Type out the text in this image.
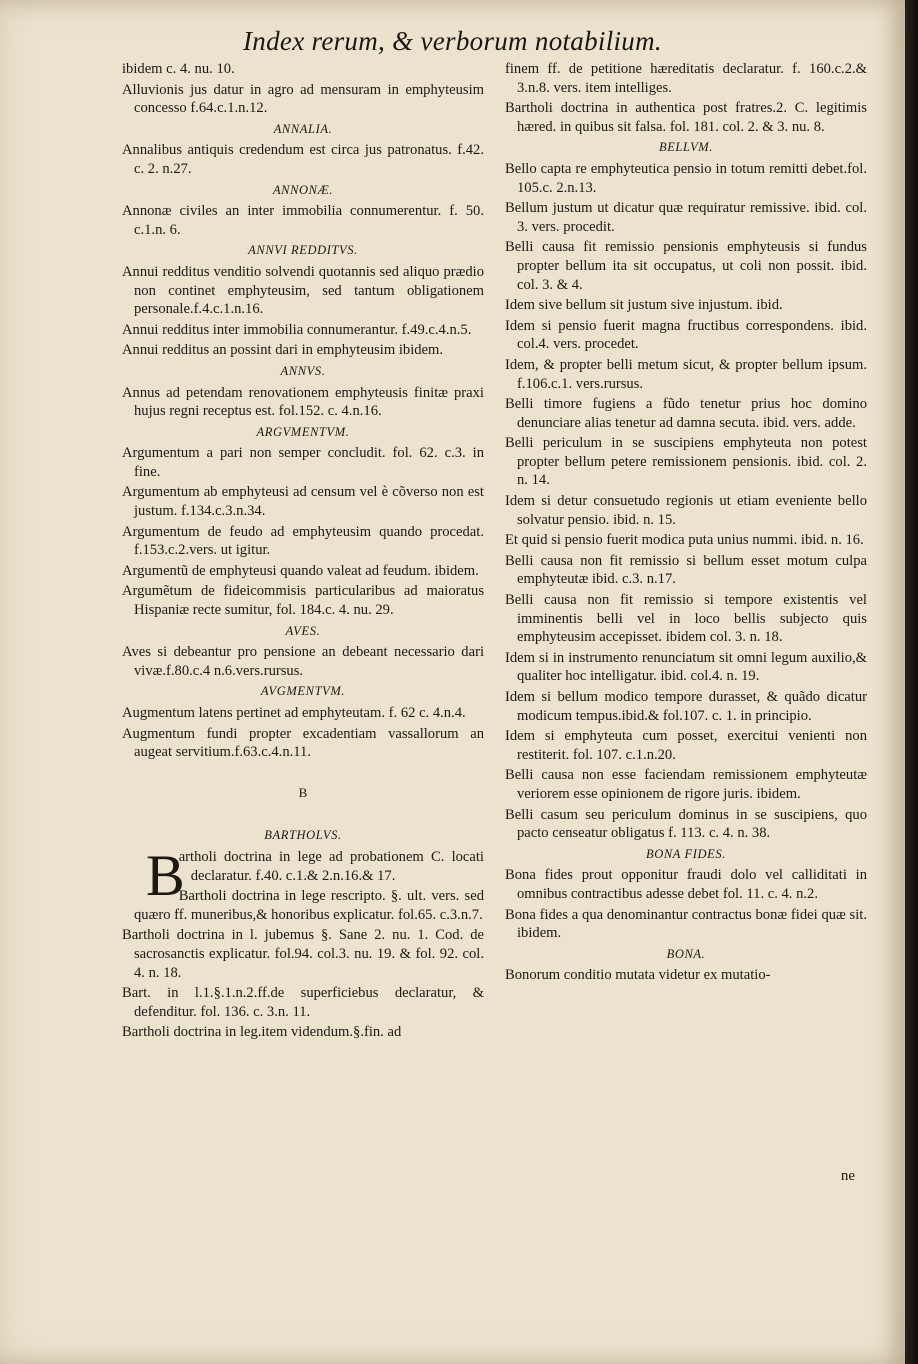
Index rerum, & verborum notabilium.
ibidem c. 4. nu. 10.
Alluvionis jus datur in agro ad mensuram in emphyteusim concesso f.64.c.1.n.12.
ANNALIA.
Annalibus antiquis credendum est circa jus patronatus. f.42. c. 2. n.27.
ANNONÆ.
Annonæ civiles an inter immobilia connumerentur. f. 50. c.1.n. 6.
ANNVI REDDITVS.
Annui redditus venditio solvendi quotannis sed aliquo prædio non continet emphyteusim, sed tantum obligationem personale.f.4.c.1.n.16.
Annui redditus inter immobilia connumerantur. f.49.c.4.n.5.
Annui redditus an possint dari in emphyteusim ibidem.
ANNVS.
Annus ad petendam renovationem emphyteusis finitæ praxi hujus regni receptus est. fol.152. c. 4.n.16.
ARGVMENTVM.
Argumentum a pari non semper concludit. fol. 62. c.3. in fine.
Argumentum ab emphyteusi ad censum vel è cõverso non est justum. f.134.c.3.n.34.
Argumentum de feudo ad emphyteusim quando procedat. f.153.c.2.vers. ut igitur.
Argumentũ de emphyteusi quando valeat ad feudum. ibidem.
Argumẽtum de fideicommisis particularibus ad maioratus Hispaniæ recte sumitur, fol. 184.c. 4. nu. 29.
AVES.
Aves si debeantur pro pensione an debeant necessario dari vivæ.f.80.c.4 n.6.vers.rursus.
AVGMENTVM.
Augmentum latens pertinet ad emphyteutam. f. 62 c. 4.n.4.
Augmentum fundi propter excadentiam vassallorum an augeat servitium.f.63.c.4.n.11.
B
BARTHOLVS.
B
artholi doctrina in lege ad probationem C. locati declaratur. f.40. c.1.& 2.n.16.& 17.
Bartholi doctrina in lege rescripto. §. ult. vers. sed quæro ff. muneribus,& honoribus explicatur. fol.65. c.3.n.7.
Bartholi doctrina in l. jubemus §. Sane 2. nu. 1. Cod. de sacrosanctis explicatur. fol.94. col.3. nu. 19. & fol. 92. col. 4. n. 18.
Bart. in l.1.§.1.n.2.ff.de superficiebus declaratur, & defenditur. fol. 136. c. 3.n. 11.
Bartholi doctrina in leg.item videndum.§.fin. ad
finem ff. de petitione hæreditatis declaratur. f. 160.c.2.& 3.n.8. vers. item intelliges.
Bartholi doctrina in authentica post fratres.2. C. legitimis hæred. in quibus sit falsa. fol. 181. col. 2. & 3. nu. 8.
BELLVM.
Bello capta re emphyteutica pensio in totum remitti debet.fol. 105.c. 2.n.13.
Bellum justum ut dicatur quæ requiratur remissive. ibid. col. 3. vers. procedit.
Belli causa fit remissio pensionis emphyteusis si fundus propter bellum ita sit occupatus, ut coli non possit. ibid. col. 3. & 4.
Idem sive bellum sit justum sive injustum. ibid.
Idem si pensio fuerit magna fructibus correspondens. ibid. col.4. vers. procedet.
Idem, & propter belli metum sicut, & propter bellum ipsum. f.106.c.1. vers.rursus.
Belli timore fugiens a fũdo tenetur prius hoc domino denunciare alias tenetur ad damna secuta. ibid. vers. adde.
Belli periculum in se suscipiens emphyteuta non potest propter bellum petere remissionem pensionis. ibid. col. 2. n. 14.
Idem si detur consuetudo regionis ut etiam eveniente bello solvatur pensio. ibid. n. 15.
Et quid si pensio fuerit modica puta unius nummi. ibid. n. 16.
Belli causa non fit remissio si bellum esset motum culpa emphyteutæ ibid. c.3. n.17.
Belli causa non fit remissio si tempore existentis vel imminentis belli vel in loco bellis subjecto quis emphyteusim accepisset. ibidem col. 3. n. 18.
Idem si in instrumento renunciatum sit omni legum auxilio,& qualiter hoc intelligatur. ibid. col.4. n. 19.
Idem si bellum modico tempore durasset, & quãdo dicatur modicum tempus.ibid.& fol.107. c. 1. in principio.
Idem si emphyteuta cum posset, exercitui venienti non restiterit. fol. 107. c.1.n.20.
Belli causa non esse faciendam remissionem emphyteutæ veriorem esse opinionem de rigore juris. ibidem.
Belli casum seu periculum dominus in se suscipiens, quo pacto censeatur obligatus f. 113. c. 4. n. 38.
BONA FIDES.
Bona fides prout opponitur fraudi dolo vel calliditati in omnibus contractibus adesse debet fol. 11. c. 4. n.2.
Bona fides a qua denominantur contractus bonæ fidei quæ sit. ibidem.
BONA.
Bonorum conditio mutata videtur ex mutatio-
ne
